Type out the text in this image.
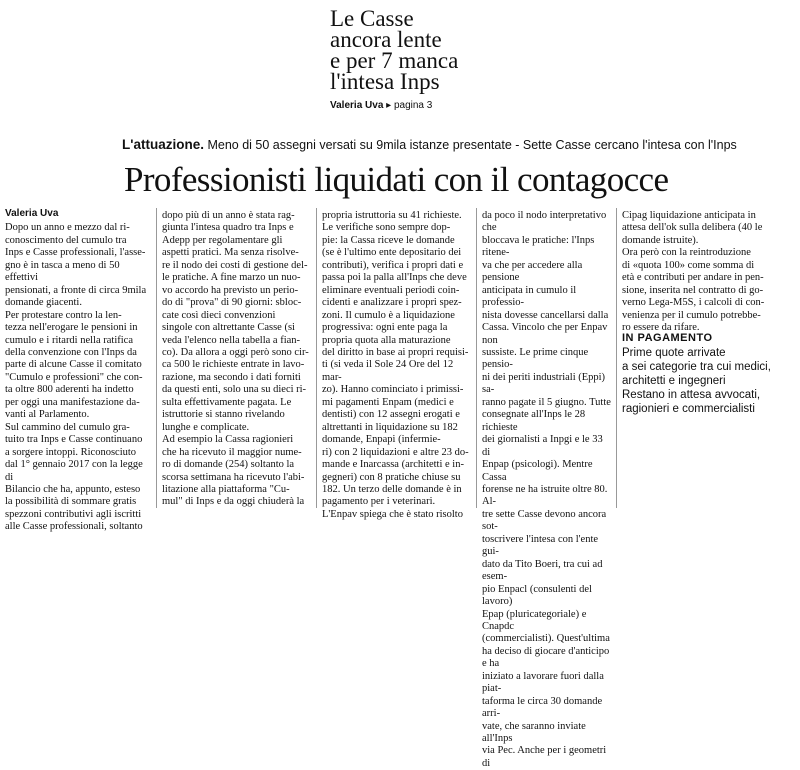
Le Casse
ancora lente
e per 7 manca
l'intesa Inps
Valeria Uva ▸ pagina 3
L'attuazione. Meno di 50 assegni versati su 9mila istanze presentate - Sette Casse cercano l'intesa con l'Inps
Professionisti liquidati con il contagocce
Valeria Uva

Dopo un anno e mezzo dal ri-
conoscimento del cumulo tra
Inps e Casse professionali, l'asse-
gno è in tasca a meno di 50 effettivi
pensionati, a fronte di circa 9mila
domande giacenti.
Per protestare contro la len-
tezza nell'erogare le pensioni in
cumulo e i ritardi nella ratifica
della convenzione con l'Inps da
parte di alcune Casse il comitato
"Cumulo e professioni" che con-
ta oltre 800 aderenti ha indetto
per oggi una manifestazione da-
vanti al Parlamento.
Sul cammino del cumulo gra-
tuito tra Inps e Casse continuano
a sorgere intoppi. Riconosciuto
dal 1° gennaio 2017 con la legge di
Bilancio che ha, appunto, esteso
la possibilità di sommare gratis
spezzoni contributivi agli iscritti
alle Casse professionali, soltanto
dopo più di un anno è stata rag-
giunta l'intesa quadro tra Inps e
Adepp per regolamentare gli
aspetti pratici. Ma senza risolve-
re il nodo dei costi di gestione del-
le pratiche. A fine marzo un nuo-
vo accordo ha previsto un perio-
do di "prova" di 90 giorni: sbloc-
cate così dieci convenzioni
singole con altrettante Casse (si
veda l'elenco nella tabella a fian-
co). Da allora a oggi però sono cir-
ca 500 le richieste entrate in lavo-
razione, ma secondo i dati forniti
da questi enti, solo una su dieci ri-
sulta effettivamente pagata. Le
istruttorie si stanno rivelando
lunghe e complicate.
Ad esempio la Cassa ragionieri
che ha ricevuto il maggior nume-
ro di domande (254) soltanto la
scorsa settimana ha ricevuto l'abi-
litazione alla piattaforma "Cu-
mul" di Inps e da oggi chiuderà la
propria istruttoria su 41 richieste.
Le verifiche sono sempre dop-
pie: la Cassa riceve le domande
(se è l'ultimo ente depositario dei
contributi), verifica i propri dati e
passa poi la palla all'Inps che deve
eliminare eventuali periodi coin-
cidenti e analizzare i propri spez-
zoni. Il cumulo è a liquidazione
progressiva: ogni ente paga la
propria quota alla maturazione
del diritto in base ai propri requisi-
ti (si veda il Sole 24 Ore del 12 mar-
zo). Hanno cominciato i primissi-
mi pagamenti Enpam (medici e
dentisti) con 12 assegni erogati e
altrettanti in liquidazione su 182
domande, Enpapi (infermie-
ri) con 2 liquidazioni e altre 23 do-
mande e Inarcassa (architetti e in-
gegneri) con 8 pratiche chiuse su
182. Un terzo delle domande è in
pagamento per i veterinari.
L'Enpav spiega che è stato risolto
da poco il nodo interpretativo che
bloccava le pratiche: l'Inps ritene-
va che per accedere alla pensione
anticipata in cumulo il professio-
nista dovesse cancellarsi dalla
Cassa. Vincolo che per Enpav non
sussiste. Le prime cinque pensio-
ni dei periti industriali (Eppi) sa-
ranno pagate il 5 giugno. Tutte
consegnate all'Inps le 28 richieste
dei giornalisti a Inpgi e le 33 di
Enpap (psicologi). Mentre Cassa
forense ne ha istruite oltre 80. Al-
tre sette Casse devono ancora sot-
toscrivere l'intesa con l'ente gui-
dato da Tito Boeri, tra cui ad esem-
pio Enpacl (consulenti del lavoro)
Epap (pluricategoriale) e Cnapdc
(commercialisti). Quest'ultima
ha deciso di giocare d'anticipo e ha
iniziato a lavorare fuori dalla piat-
taforma le circa 30 domande arri-
vate, che saranno inviate all'Inps
via Pec. Anche per i geometri di
Cipag liquidazione anticipata in
attesa dell'ok sulla delibera (40 le
domande istruite).
Ora però con la reintroduzione
di «quota 100» come somma di
età e contributi per andare in pen-
sione, inserita nel contratto di go-
verno Lega-M5S, i calcoli di con-
venienza per il cumulo potrebbe-
ro essere da rifare.
IN PAGAMENTO
Prime quote arrivate
a sei categorie tra cui medici,
architetti e ingegneri
Restano in attesa avvocati,
ragionieri e commercialisti
